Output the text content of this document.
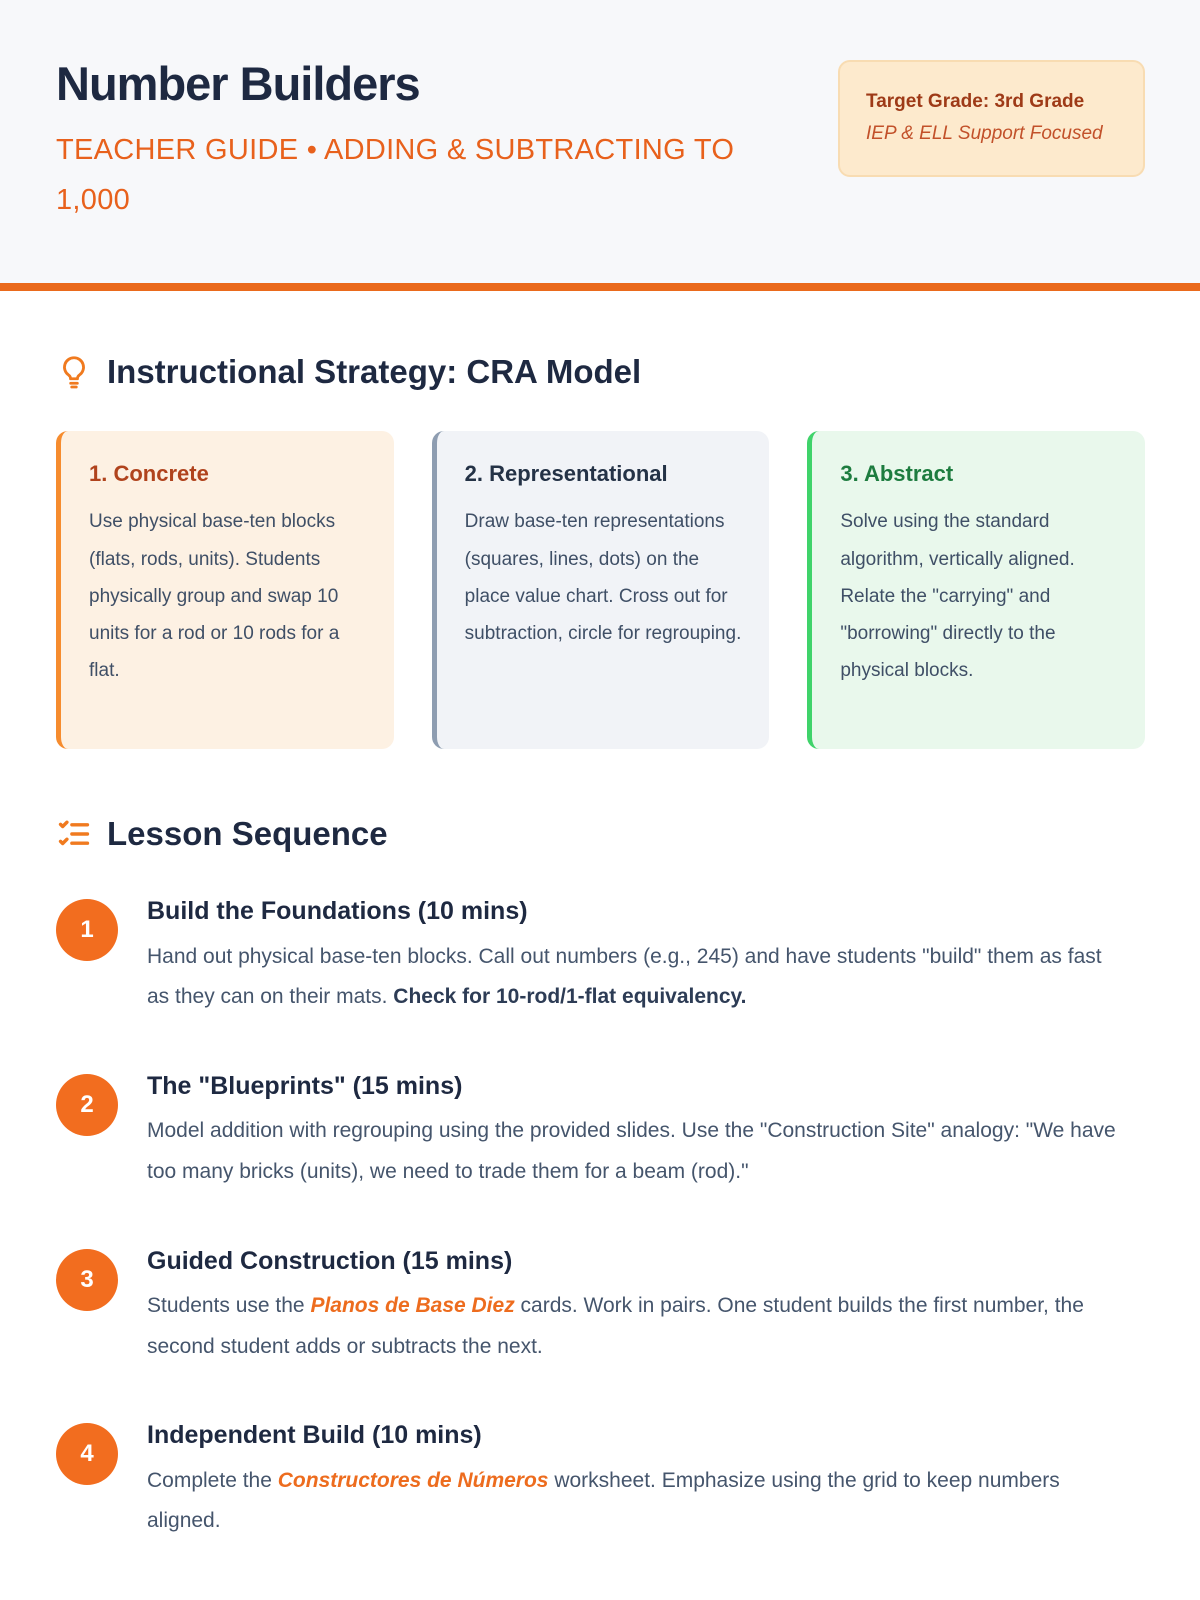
Number Builders
TEACHER GUIDE • ADDING & SUBTRACTING TO 1,000
Target Grade: 3rd Grade
IEP & ELL Support Focused
Instructional Strategy: CRA Model
1. Concrete
Use physical base-ten blocks (flats, rods, units). Students physically group and swap 10 units for a rod or 10 rods for a flat.
2. Representational
Draw base-ten representations (squares, lines, dots) on the place value chart. Cross out for subtraction, circle for regrouping.
3. Abstract
Solve using the standard algorithm, vertically aligned. Relate the "carrying" and "borrowing" directly to the physical blocks.
Lesson Sequence
1
Build the Foundations (10 mins)
Hand out physical base-ten blocks. Call out numbers (e.g., 245) and have students "build" them as fast as they can on their mats. Check for 10-rod/1-flat equivalency.
2
The "Blueprints" (15 mins)
Model addition with regrouping using the provided slides. Use the "Construction Site" analogy: "We have too many bricks (units), we need to trade them for a beam (rod)."
3
Guided Construction (15 mins)
Students use the Planos de Base Diez cards. Work in pairs. One student builds the first number, the second student adds or subtracts the next.
4
Independent Build (10 mins)
Complete the Constructores de Números worksheet. Emphasize using the grid to keep numbers aligned.
